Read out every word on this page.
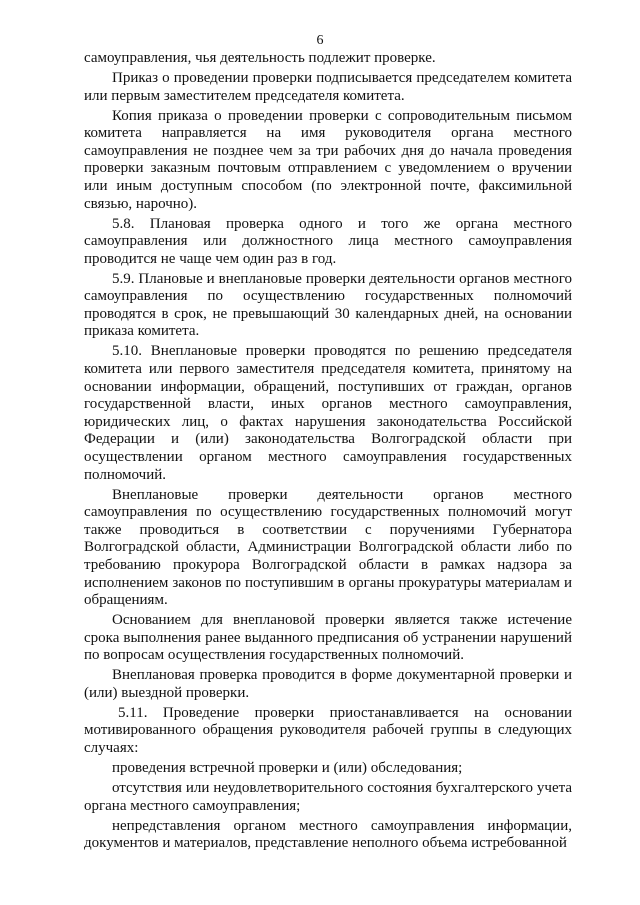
6

самоуправления, чья деятельность подлежит проверке.

Приказ о проведении проверки подписывается председателем комитета или первым заместителем председателя комитета.

Копия приказа о проведении проверки с сопроводительным письмом комитета направляется на имя руководителя органа местного самоуправления не позднее чем за три рабочих дня до начала проведения проверки заказным почтовым отправлением с уведомлением о вручении или иным доступным способом (по электронной почте, факсимильной связью, нарочно).

5.8. Плановая проверка одного и того же органа местного самоуправления или должностного лица местного самоуправления проводится не чаще чем один раз в год.

5.9. Плановые и внеплановые проверки деятельности органов местного самоуправления по осуществлению государственных полномочий проводятся в срок, не превышающий 30 календарных дней, на основании приказа комитета.

5.10. Внеплановые проверки проводятся по решению председателя комитета или первого заместителя председателя комитета, принятому на основании информации, обращений, поступивших от граждан, органов государственной власти, иных органов местного самоуправления, юридических лиц, о фактах нарушения законодательства Российской Федерации и (или) законодательства Волгоградской области при осуществлении органом местного самоуправления государственных полномочий.

Внеплановые проверки деятельности органов местного самоуправления по осуществлению государственных полномочий могут также проводиться в соответствии с поручениями Губернатора Волгоградской области, Администрации Волгоградской области либо по требованию прокурора Волгоградской области в рамках надзора за исполнением законов по поступившим в органы прокуратуры материалам и обращениям.

Основанием для внеплановой проверки является также истечение срока выполнения ранее выданного предписания об устранении нарушений по вопросам осуществления государственных полномочий.

Внеплановая проверка проводится в форме документарной проверки и (или) выездной проверки.

5.11. Проведение проверки приостанавливается на основании мотивированного обращения руководителя рабочей группы в следующих случаях:

проведения встречной проверки и (или) обследования;

отсутствия или неудовлетворительного состояния бухгалтерского учета органа местного самоуправления;

непредставления органом местного самоуправления информации, документов и материалов, представление неполного объема истребованной
